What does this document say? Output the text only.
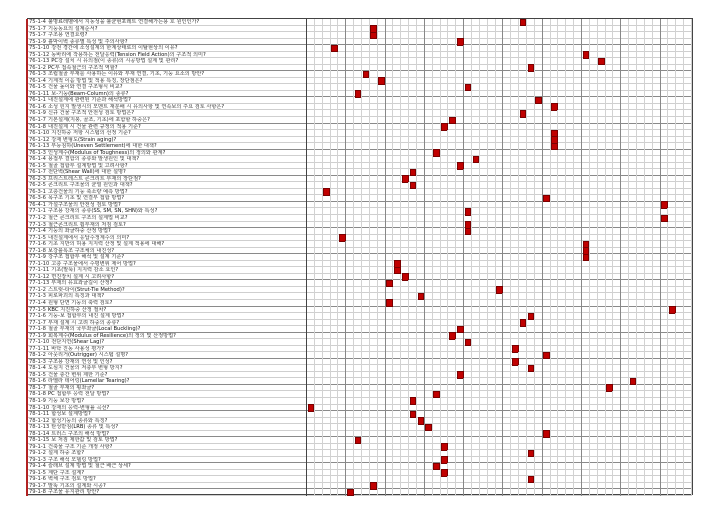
75-1-4 불명료레벨에서 지동성을 불균현포레트 연결해가는용 호 원인인가?
75-1-7 기둥동요의 설계순서?
75-1-7 구조용 연결요령?
75-1-9 흙막이벽 종류별 특성 및 주의사항?
75-1-10 강전 경간에 소성설계의 한계상태로의 이탈현상의 이유?
75-1-12 동바리에 작용하는 전달응력(Tension Field Action)의 구조적 의미?
76-1-13 PC강 설치 시 유의점(이 종류)의 시공방법 설계 및 관리?
76-1-2 PC부 접속철근의 구조적 역할?
76-1-3 조립철골 부재를 사용하는 이유와 부재 연결, 기초, 기둥 요소의 방안?
76-1-4 기계적 이음 방법 및 적용 특징, 장단점은?
76-1-5 건물 높이와 연결 구조형식 비교?
76-1-11 보-기둥(Beam-Column)의 종류?
76-1-1 내진설계에 관련된 기준과 해석방법?
76-1-6 소성 힌지 발생시의 모멘트 재분배 시 유의사항 및 연속보의 주요 검토 사항은?
76-1-9 신규 건물 구조적 안전성 검토 방법은?
76-1-7 기본설계(지붕, 골조, 기초)에 포함할 하중은?
76-1-8 내진설계 시 건물 관련 규정의 적용 기준?
76-1-10 지진하중 저항 시스템의 선정 기준?
76-1-12 강재 변형도(Strain aging)?
76-1-13 부등침하(Uneven Settlement)에 대한 대책?
76-1-3 인성계수(Modulus of Toughness)의 정의와 관계?
76-1-4 용접부 결함의 종류와 발생원인 및 대책?
76-1-5 철골 접합부 설계방법 및 고려사항?
76-1-7 전단벽(Shear Wall)에 대한 설명?
76-2-3 프리스트레스트 콘크리트 부재의 장단점?
76-2-5 콘크리트 구조물의 균열 원인과 대책?
76-3-1 고층건물의 기둥 축소량 예측 방법?
76-3-6 목구조 기초 및 연결부 접합 방법?
76-4-1 가설구조물의 안전성 검토 방법?
77-1-1 구조용 강재의 종류(SS, SM, SN, SHN)와 특성?
77-1-2 철근 콘크리트 구조의 설계법 비교?
77-1-3 철근콘크리트 휨부재의 처짐 검토?
77-1-4 기둥의 좌굴하중 산정 방법?
77-1-5 내진설계에서 응답수정계수의 의미?
77-1-6 기초 지반의 허용 지지력 산정 및 설계 적용에 대해?
77-1-8 보강블록조 구조체의 내진성?
77-1-9 강구조 접합부 해석 및 설계 기준?
77-1-10 고층 구조물에서 수평변위 제어 방법?
77-1-11 기초(말뚝) 지지력 감소 요인?
77-1-12 면진장치 설계 시 고려사항?
77-1-13 부재의 유효좌굴길이 산정?
77-1-2 스트럿-타이(Strut-Tie Method)?
77-1-3 피로파괴의 특징과 대책?
77-1-4 원형 단면 기둥의 축력 검토?
77-1-5 KBC 지진하중 산정 절차?
77-1-6 기둥-보 접합부의 내진 설계 방법?
77-1-7 부재 설계 시 고려 하중의 종류?
77-1-8 철골 부재의 국부좌굴(Local Buckling)?
77-1-9 회복계수(Modulus of Resilience)의 정의 및 산정방법?
77-1-10 전단지연(Shear Lag)?
77-1-11 바닥 진동 사용성 평가?
78-1-2 아웃리거(Outrigger) 시스템 설명?
78-1-3 구조용 강재의 연성 및 인성?
78-1-4 도심지 건물의 저층부 변형 방지?
78-1-5 건물 층간 변위 제한 기준?
78-1-6 라멜라 테어링(Lamellar Tearing)?
78-1-7 철골 부재의 횡좌굴?
78-1-8 PC 접합부 응력 전달 방법?
78-1-9 기둥 보강 방법?
78-1-10 강재의 응력-변형률 곡선?
78-1-11 합성보 설계방법?
78-1-12 합성기둥의 종류와 특징?
78-1-13 탄성받침(LRB) 종류 및 특성?
78-1-14 트러스 구조의 해석 방법?
78-1-15 보 처짐 제한값 및 검토 방법?
79-1-1 건축물 구조 기준 개정 사항?
79-1-2 설계 하중 조합?
79-1-3 구조 해석 모델링 방법?
79-1-4 슬래브 설계 방법 및 철근 배근 상세?
79-1-5 계단 구조 설계?
79-1-6 벽체 구조 검토 방법?
79-1-7 말뚝 기초의 설계와 시공?
79-1-8 구조물 유지관리 방안?
